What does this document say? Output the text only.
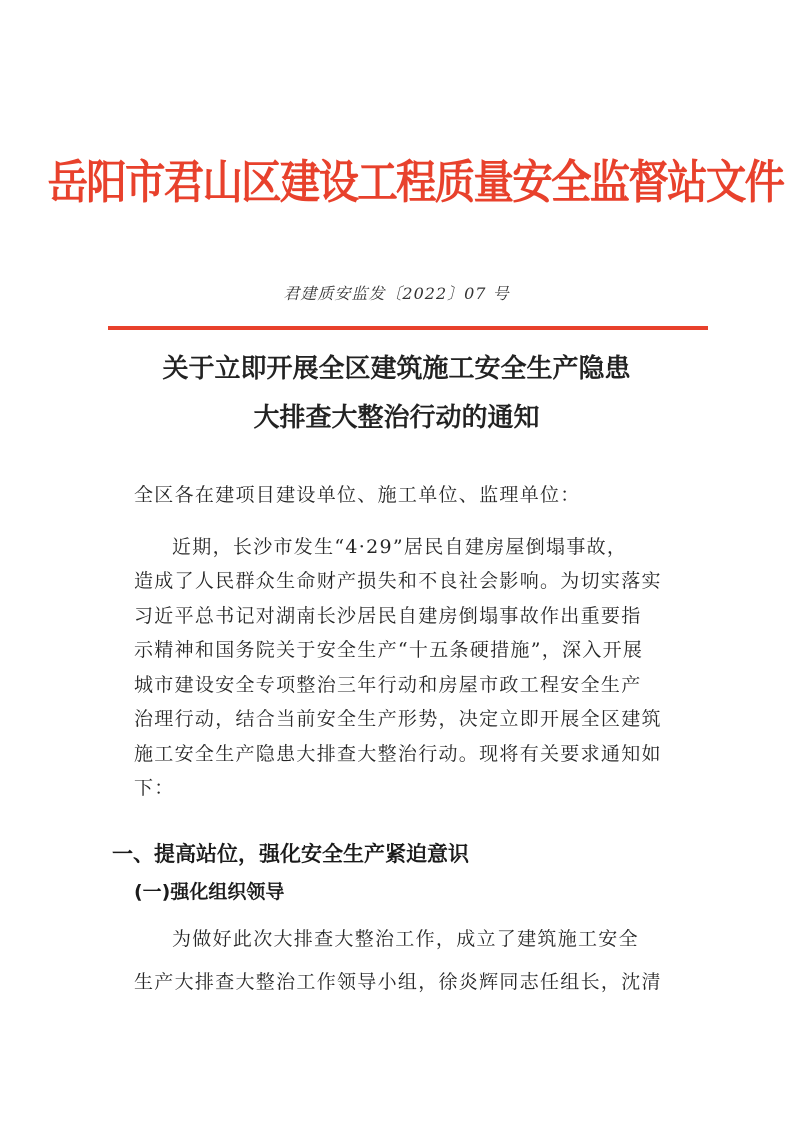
岳阳市君山区建设工程质量安全监督站文件
君建质安监发〔2022〕07 号
关于立即开展全区建筑施工安全生产隐患
大排查大整治行动的通知
全区各在建项目建设单位、施工单位、监理单位：
近期，长沙市发生“4·29”居民自建房屋倒塌事故，
造成了人民群众生命财产损失和不良社会影响。为切实落实
习近平总书记对湖南长沙居民自建房倒塌事故作出重要指
示精神和国务院关于安全生产“十五条硬措施”，深入开展
城市建设安全专项整治三年行动和房屋市政工程安全生产
治理行动，结合当前安全生产形势，决定立即开展全区建筑
施工安全生产隐患大排查大整治行动。现将有关要求通知如
下：
一、提高站位，强化安全生产紧迫意识
(一)强化组织领导
为做好此次大排查大整治工作，成立了建筑施工安全
生产大排查大整治工作领导小组，徐炎辉同志任组长，沈清
